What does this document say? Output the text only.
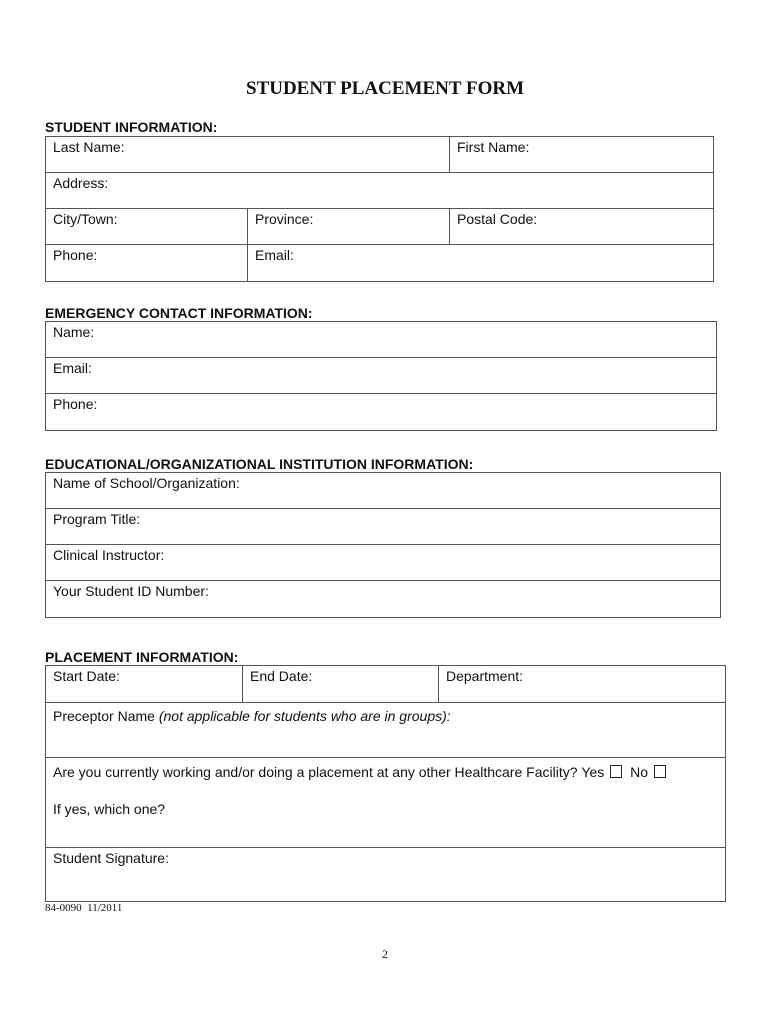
STUDENT PLACEMENT FORM
STUDENT INFORMATION:
Last Name:		First Name:
Address:		
City/Town:	Province:	Postal Code:
Phone:	Email:	
EMERGENCY CONTACT INFORMATION:
Name:
Email:
Phone:
EDUCATIONAL/ORGANIZATIONAL INSTITUTION INFORMATION:
Name of School/Organization:
Program Title:
Clinical Instructor:
Your Student ID Number:
PLACEMENT INFORMATION:
Start Date:	End Date:	Department:
Preceptor Name (not applicable for students who are in groups):
Are you currently working and/or doing a placement at any other Healthcare Facility? Yes No If yes, which one?
Student Signature:
84-0090  11/2011
2
